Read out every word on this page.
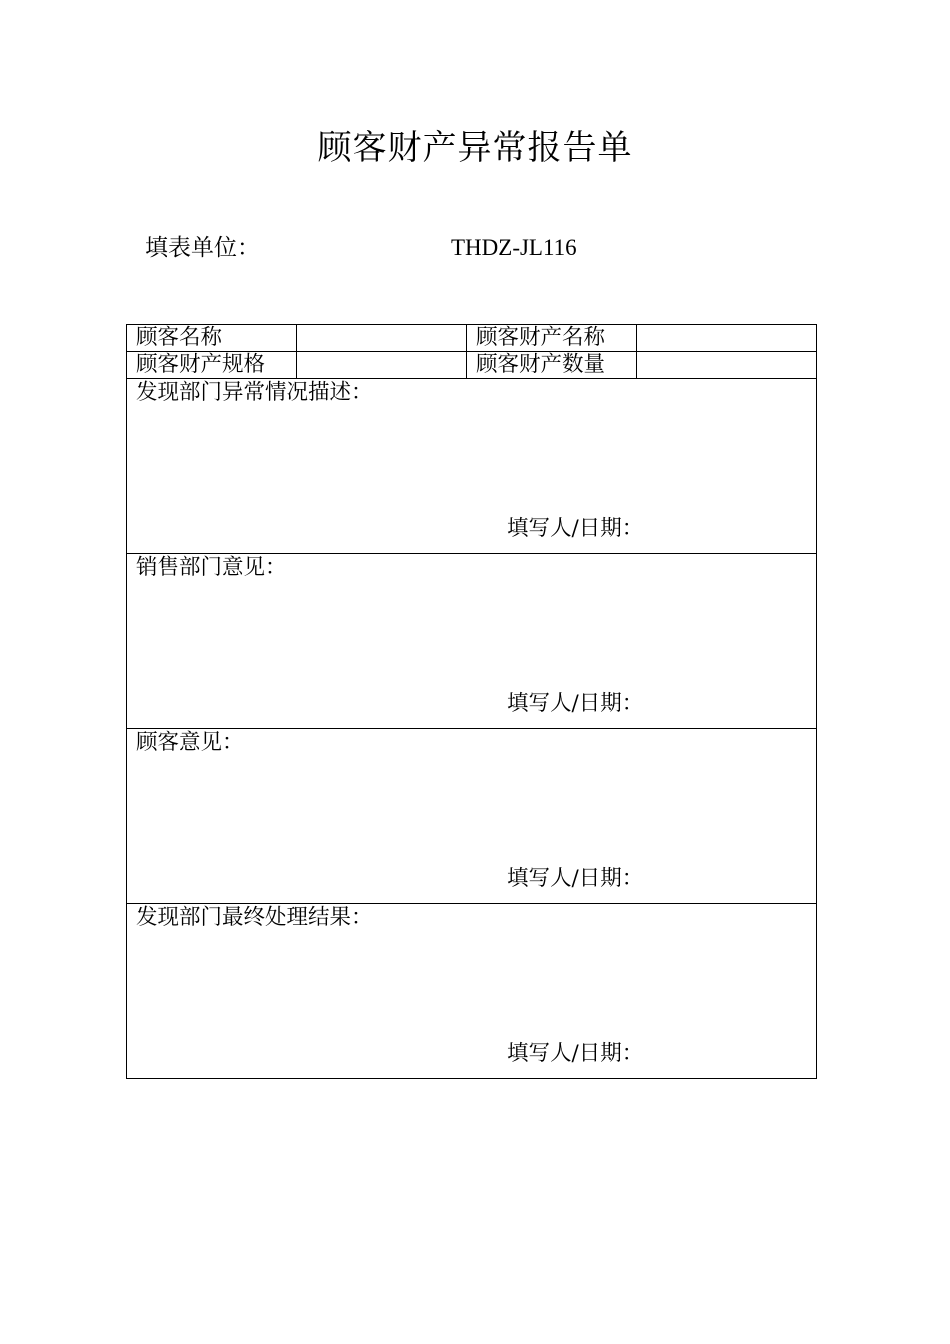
顾客财产异常报告单
填表单位：	THDZ-JL116
顾客名称		顾客财产名称	
顾客财产规格		顾客财产数量	

发现部门异常情况描述：
填写人/日期：			

销售部门意见：
填写人/日期：			

顾客意见：
填写人/日期：			

发现部门最终处理结果：
填写人/日期：			
